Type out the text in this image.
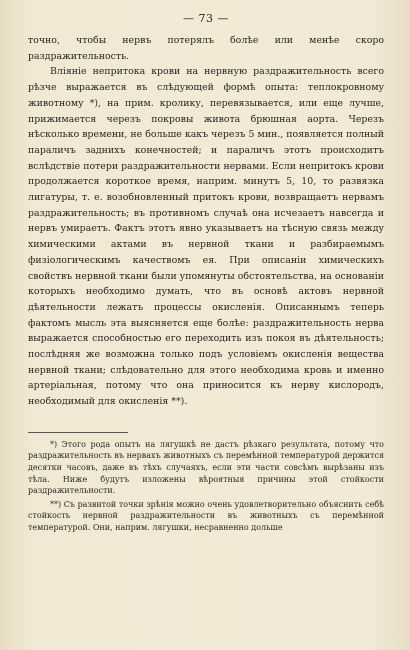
— 73 —

точно, чтобы нервъ потерялъ болѣе или менѣе скоро раздражительность.

Вліяніе непритока крови на нервную раздражительность всего рѣзче выражается въ слѣдующей формѣ опыта: теплокровному животному *), на прим. кролику, перевязывается, или еще лучше, прижимается черезъ покровы живота брюшная аорта. Черезъ нѣсколько времени, не больше какъ черезъ 5 мин., появляется полный параличъ заднихъ конечностей; и параличъ этотъ происходитъ вслѣдствіе потери раздражительности нервами. Если непритокъ крови продолжается короткое время, наприм. минутъ 5, 10, то развязка лигатуры, т. е. возобновленный притокъ крови, возвращаетъ нервамъ раздражительность; въ противномъ случаѣ она исчезаетъ навсегда и нервъ умираетъ. Фактъ этотъ явно указываетъ на тѣсную связь между химическими актами въ нервной ткани и разбираемымъ физіологическимъ качествомъ ея. При описаніи химическихъ свойствъ нервной ткани были упомянуты обстоятельства, на основаніи которыхъ необходимо думать, что въ основѣ актовъ нервной дѣятельности лежатъ процессы окисленія. Описаннымъ теперь фактомъ мысль эта выясняется еще болѣе: раздражительность нерва выражается способностью его переходить изъ покоя въ дѣятельность; послѣдняя же возможна только подъ условіемъ окисленія вещества нервной ткани; слѣдовательно для этого необходима кровь и именно артеріальная, потому что она приносится къ нерву кислородъ, необходимый для окисленія **).

*) Этого рода опытъ на лягушкѣ не дастъ рѣзкаго результата, потому что раздражительность въ нервахъ животныхъ съ перемѣнной температурой держится десятки часовъ, даже въ тѣхъ случаяхъ, если эти части совсѣмъ вырѣзаны изъ тѣла. Ниже будутъ изложены вѣроятныя причины этой стойкости раздражительности.

**) Съ развитой точки зрѣнія можно очень удовлетворительно объяснить себѣ стойкость нервной раздражительности въ животныхъ съ перемѣнной температурой. Они, наприм. лягушки, несравненно дольше
